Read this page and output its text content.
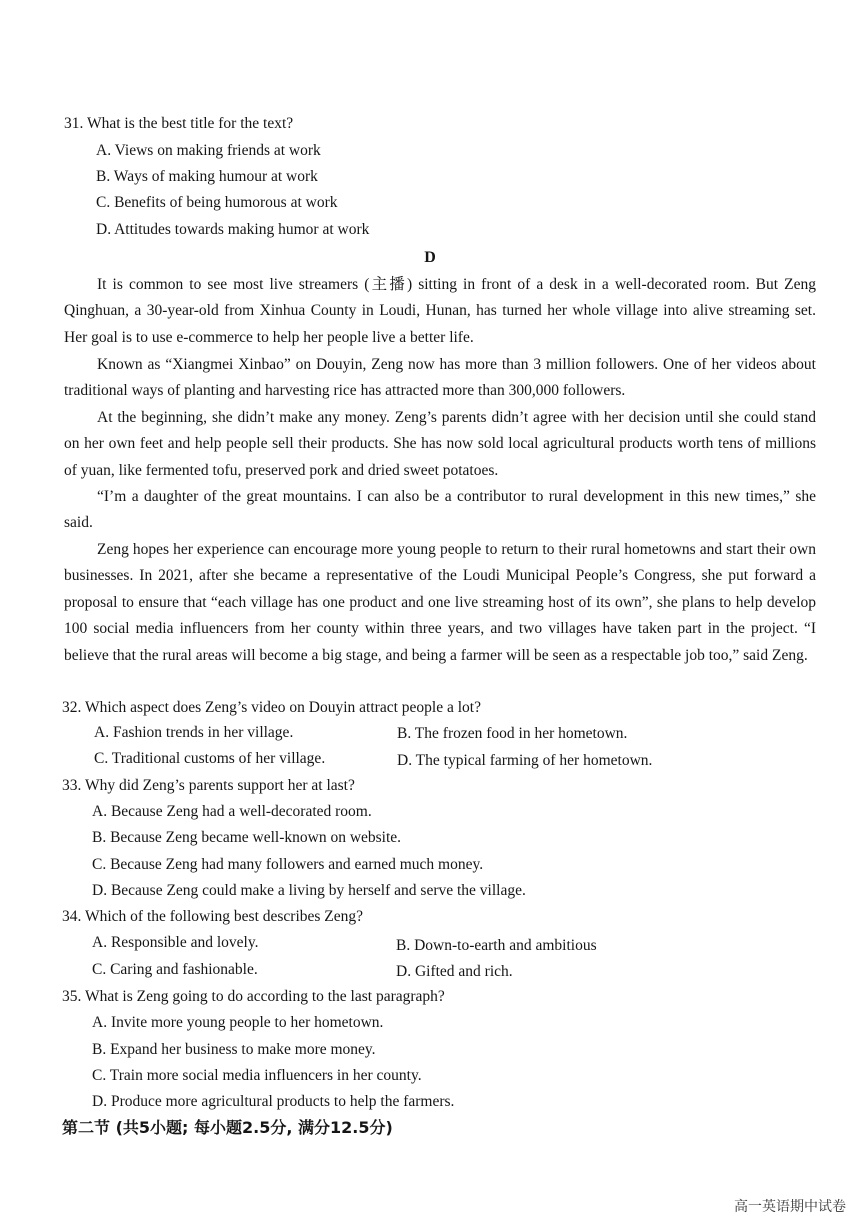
31. What is the best title for the text?
A. Views on making friends at work
B. Ways of making humour at work
C. Benefits of being humorous at work
D. Attitudes towards making humor at work
D

It is common to see most live streamers (主播) sitting in front of a desk in a well-decorated room. But Zeng Qinghuan, a 30-year-old from Xinhua County in Loudi, Hunan, has turned her whole village into alive streaming set. Her goal is to use e-commerce to help her people live a better life.

Known as “Xiangmei Xinbao” on Douyin, Zeng now has more than 3 million followers. One of her videos about traditional ways of planting and harvesting rice has attracted more than 300,000 followers.

At the beginning, she didn’t make any money. Zeng’s parents didn’t agree with her decision until she could stand on her own feet and help people sell their products. She has now sold local agricultural products worth tens of millions of yuan, like fermented tofu, preserved pork and dried sweet potatoes.

“I’m a daughter of the great mountains. I can also be a contributor to rural development in this new times,” she said.

Zeng hopes her experience can encourage more young people to return to their rural hometowns and start their own businesses. In 2021, after she became a representative of the Loudi Municipal People’s Congress, she put forward a proposal to ensure that “each village has one product and one live streaming host of its own”, she plans to help develop 100 social media influencers from her county within three years, and two villages have taken part in the project. “I believe that the rural areas will become a big stage, and being a farmer will be seen as a respectable job too,” said Zeng.

32. Which aspect does Zeng’s video on Douyin attract people a lot?
A. Fashion trends in her village.	B. The frozen food in her hometown.
C. Traditional customs of her village.	D. The typical farming of her hometown.
33. Why did Zeng’s parents support her at last?
A. Because Zeng had a well-decorated room.
B. Because Zeng became well-known on website.
C. Because Zeng had many followers and earned much money.
D. Because Zeng could make a living by herself and serve the village.
34. Which of the following best describes Zeng?
A. Responsible and lovely.	B. Down-to-earth and ambitious
C. Caring and fashionable.	D. Gifted and rich.
35. What is Zeng going to do according to the last paragraph?
A. Invite more young people to her hometown.
B. Expand her business to make more money.
C. Train more social media influencers in her county.
D. Produce more agricultural products to help the farmers.
第二节 (共5小题; 每小题2.5分, 满分12.5分)
高一英语期中试卷
